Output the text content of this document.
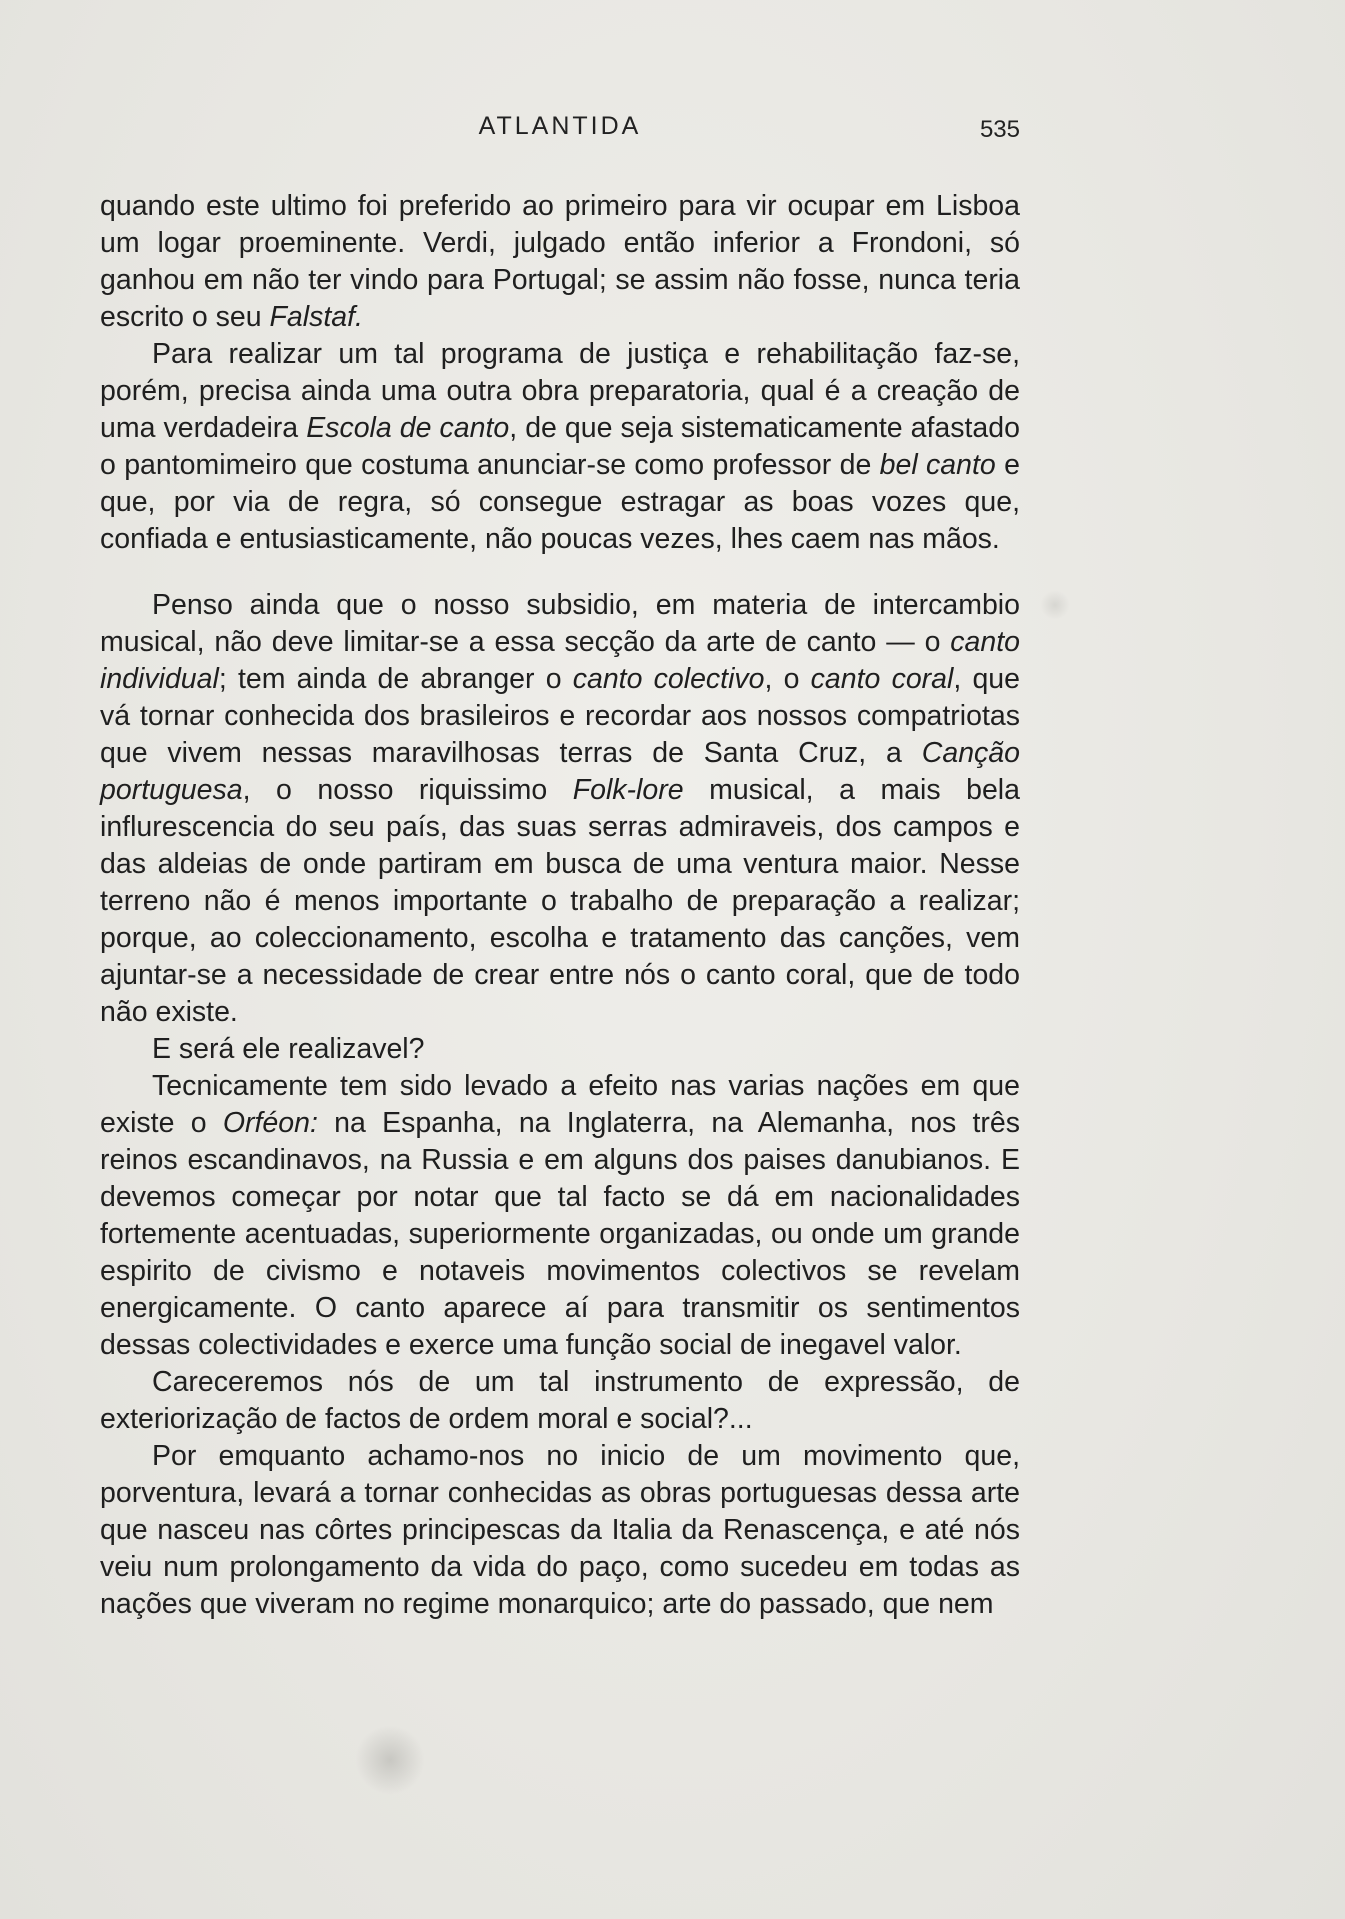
ATLANTIDA	535

quando este ultimo foi preferido ao primeiro para vir ocupar em Lisboa um logar proeminente. Verdi, julgado então inferior a Frondoni, só ganhou em não ter vindo para Portugal; se assim não fosse, nunca teria escrito o seu Falstaf.

Para realizar um tal programa de justiça e rehabilitação faz-se, porém, precisa ainda uma outra obra preparatoria, qual é a creação de uma verdadeira Escola de canto, de que seja sistematicamente afastado o pantomimeiro que costuma anunciar-se como professor de bel canto e que, por via de regra, só consegue estragar as boas vozes que, confiada e entusiasticamente, não poucas vezes, lhes caem nas mãos.

Penso ainda que o nosso subsidio, em materia de intercambio musical, não deve limitar-se a essa secção da arte de canto — o canto individual; tem ainda de abranger o canto colectivo, o canto coral, que vá tornar conhecida dos brasileiros e recordar aos nossos compatriotas que vivem nessas maravilhosas terras de Santa Cruz, a Canção portuguesa, o nosso riquissimo Folk-lore musical, a mais bela influrescencia do seu país, das suas serras admiraveis, dos campos e das aldeias de onde partiram em busca de uma ventura maior. Nesse terreno não é menos importante o trabalho de preparação a realizar; porque, ao coleccionamento, escolha e tratamento das canções, vem ajuntar-se a necessidade de crear entre nós o canto coral, que de todo não existe.

E será ele realizavel?

Tecnicamente tem sido levado a efeito nas varias nações em que existe o Orféon: na Espanha, na Inglaterra, na Alemanha, nos três reinos escandinavos, na Russia e em alguns dos paises danubianos. E devemos começar por notar que tal facto se dá em nacionalidades fortemente acentuadas, superiormente organizadas, ou onde um grande espirito de civismo e notaveis movimentos colectivos se revelam energicamente. O canto aparece aí para transmitir os sentimentos dessas colectividades e exerce uma função social de inegavel valor.

Careceremos nós de um tal instrumento de expressão, de exteriorização de factos de ordem moral e social?...

Por emquanto achamo-nos no inicio de um movimento que, porventura, levará a tornar conhecidas as obras portuguesas dessa arte que nasceu nas côrtes principescas da Italia da Renascença, e até nós veiu num prolongamento da vida do paço, como sucedeu em todas as nações que viveram no regime monarquico; arte do passado, que nem
